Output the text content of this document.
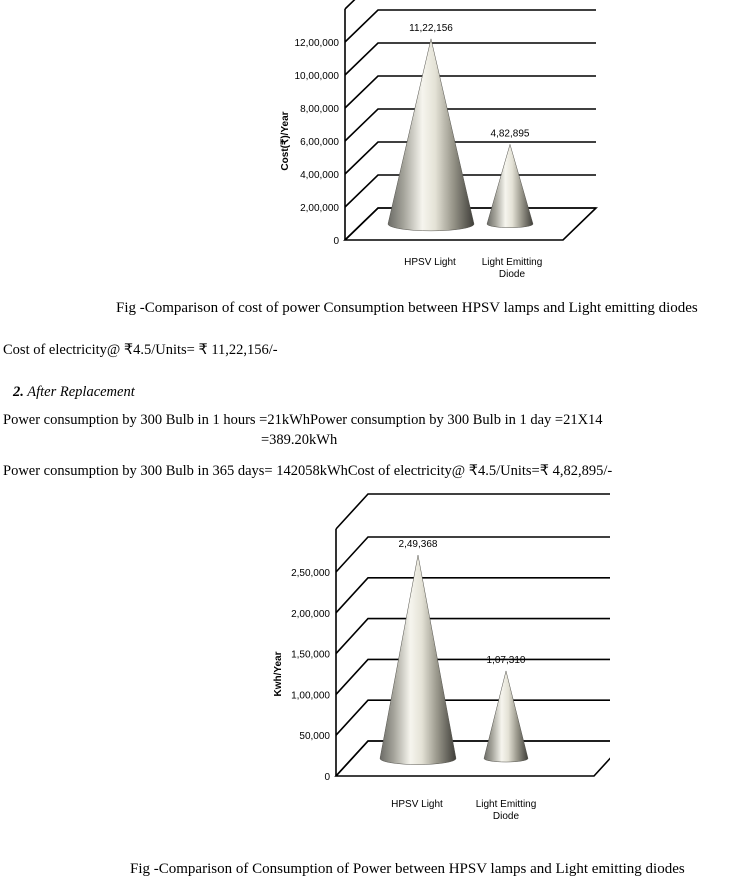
0
2,00,000
4,00,000
6,00,000
8,00,000
10,00,000
12,00,000
Cost(₹)/Year
11,22,156
HPSV Light
4,82,895
Light Emitting
Diode
Fig -Comparison of cost of power Consumption between HPSV lamps and Light emitting diodes
Cost of electricity@ ₹4.5/Units= ₹ 11,22,156/-
2. After Replacement
Power consumption by 300 Bulb in 1 hours =21kWhPower consumption by 300 Bulb in 1 day =21X14
=389.20kWh
Power consumption by 300 Bulb in 365 days= 142058kWhCost of electricity@ ₹4.5/Units=₹ 4,82,895/-
0
50,000
1,00,000
1,50,000
2,00,000
2,50,000
Kwh/Year
2,49,368
HPSV Light
1,07,310
Light Emitting
Diode
Fig -Comparison of Consumption of Power between HPSV lamps and Light emitting diodes
